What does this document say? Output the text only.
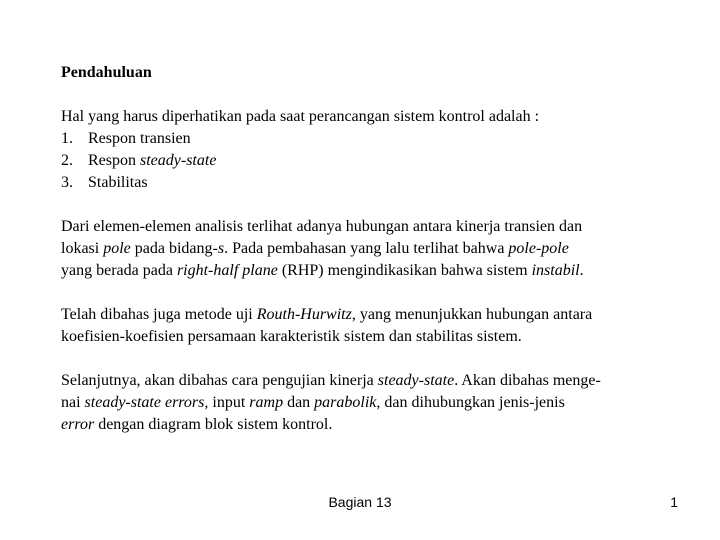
Pendahuluan

Hal yang harus diperhatikan pada saat perancangan sistem kontrol adalah :

1. Respon transien
2. Respon steady-state
3. Stabilitas
Dari elemen-elemen analisis terlihat adanya hubungan antara kinerja transien dan
lokasi pole pada bidang-s. Pada pembahasan yang lalu terlihat bahwa pole-pole
yang berada pada right-half plane (RHP) mengindikasikan bahwa sistem instabil.
Telah dibahas juga metode uji Routh-Hurwitz, yang menunjukkan hubungan antara
koefisien-koefisien persamaan karakteristik sistem dan stabilitas sistem.
Selanjutnya, akan dibahas cara pengujian kinerja steady-state. Akan dibahas menge-
nai steady-state errors, input ramp dan parabolik, dan dihubungkan jenis-jenis
error dengan diagram blok sistem kontrol.
Bagian 13	1
